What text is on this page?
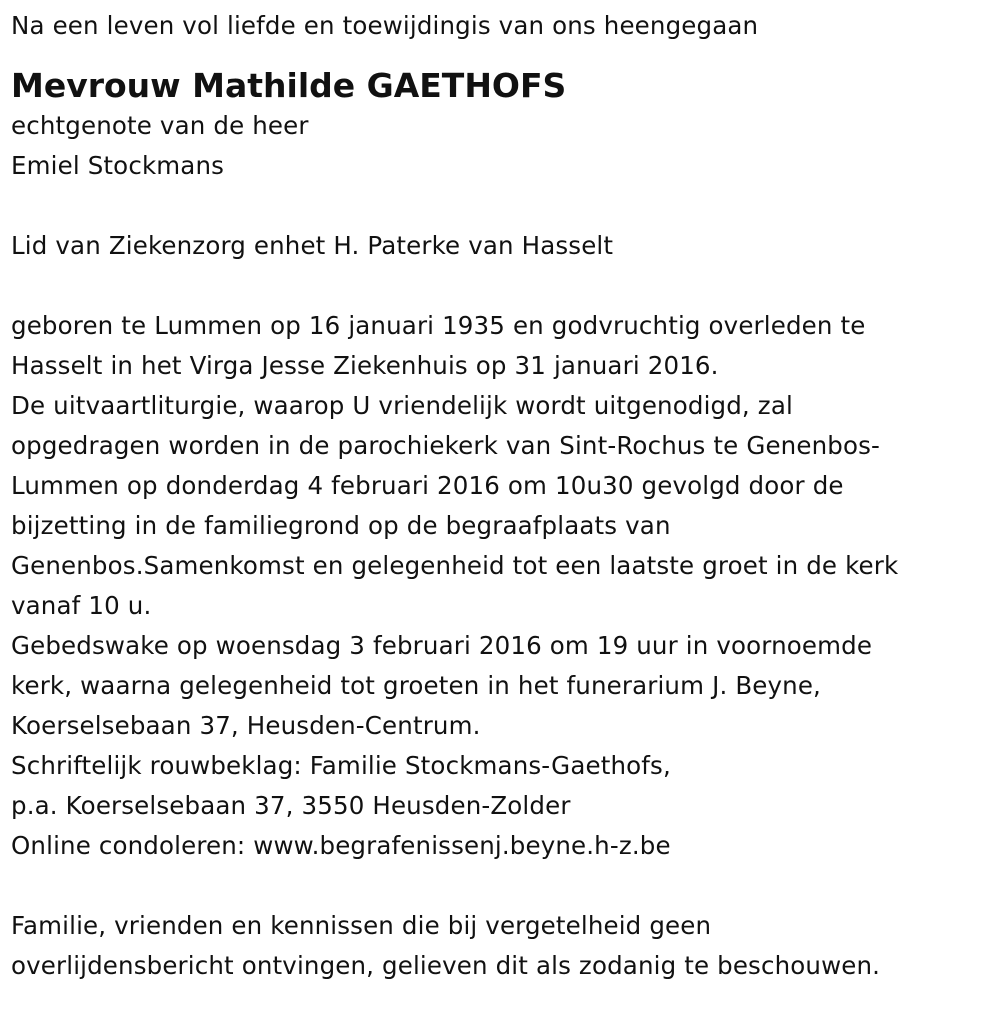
Na een leven vol liefde en toewijdingis van ons heengegaan
Mevrouw Mathilde GAETHOFS
echtgenote van de heer
Emiel Stockmans
Lid van Ziekenzorg enhet H. Paterke van Hasselt
geboren te Lummen op 16 januari 1935 en godvruchtig overleden te
Hasselt in het Virga Jesse Ziekenhuis op 31 januari 2016.
De uitvaartliturgie, waarop U vriendelijk wordt uitgenodigd, zal
opgedragen worden in de parochiekerk van Sint-Rochus te Genenbos-
Lummen op donderdag 4 februari 2016 om 10u30 gevolgd door de
bijzetting in de familiegrond op de begraafplaats van
Genenbos.Samenkomst en gelegenheid tot een laatste groet in de kerk
vanaf 10 u.
Gebedswake op woensdag 3 februari 2016 om 19 uur in voornoemde
kerk, waarna gelegenheid tot groeten in het funerarium J. Beyne,
Koerselsebaan 37, Heusden-Centrum.
Schriftelijk rouwbeklag: Familie Stockmans-Gaethofs,
p.a. Koerselsebaan 37, 3550 Heusden-Zolder
Online condoleren: www.begrafenissenj.beyne.h-z.be
Familie, vrienden en kennissen die bij vergetelheid geen
overlijdensbericht ontvingen, gelieven dit als zodanig te beschouwen.
